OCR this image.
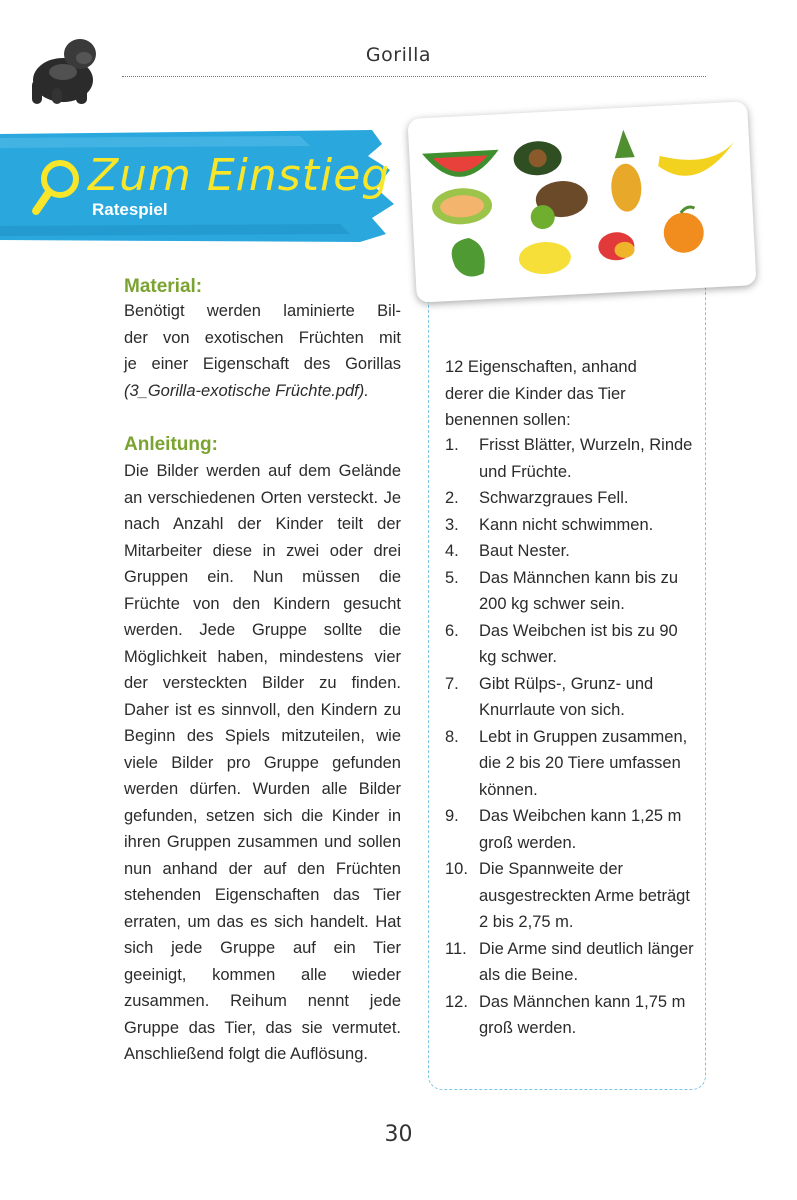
Gorilla
Zum Einstieg
Ratespiel
Material:
Benötigt werden laminierte Bil-
der von exotischen Früchten mit
je einer Eigenschaft des Gorillas
(3_Gorilla-exotische Früchte.pdf).
Anleitung:
Die Bilder werden auf dem Gelände an verschiedenen Orten versteckt. Je nach Anzahl der Kinder teilt der Mitarbeiter diese in zwei oder drei Gruppen ein. Nun müssen die Früchte von den Kindern gesucht werden. Jede Gruppe sollte die Möglichkeit haben, mindestens vier der versteckten Bilder zu finden. Daher ist es sinnvoll, den Kindern zu Beginn des Spiels mitzuteilen, wie viele Bilder pro Gruppe gefunden werden dürfen. Wurden alle Bilder gefunden, setzen sich die Kinder in ihren Gruppen zusammen und sollen nun anhand der auf den Früchten stehenden Eigenschaften das Tier erraten, um das es sich handelt. Hat sich jede Gruppe auf ein Tier geeinigt, kommen alle wieder zusammen. Reihum nennt jede Gruppe das Tier, das sie vermutet. Anschließend folgt die Auflösung.
12 Eigenschaften, anhand derer die Kinder das Tier benennen sollen:
1.	Frisst Blätter, Wurzeln, Rinde und Früchte.
2.	Schwarzgraues Fell.
3.	Kann nicht schwimmen.
4.	Baut Nester.
5.	Das Männchen kann bis zu 200 kg schwer sein.
6.	Das Weibchen ist bis zu 90 kg schwer.
7.	Gibt Rülps-, Grunz- und Knurrlaute von sich.
8.	Lebt in Gruppen zusammen, die 2 bis 20 Tiere umfassen können.
9.	Das Weibchen kann 1,25 m groß werden.
10. Die Spannweite der ausgestreckten Arme beträgt 2 bis 2,75 m.
11. Die Arme sind deutlich länger als die Beine.
12. Das Männchen kann 1,75 m groß werden.
30
